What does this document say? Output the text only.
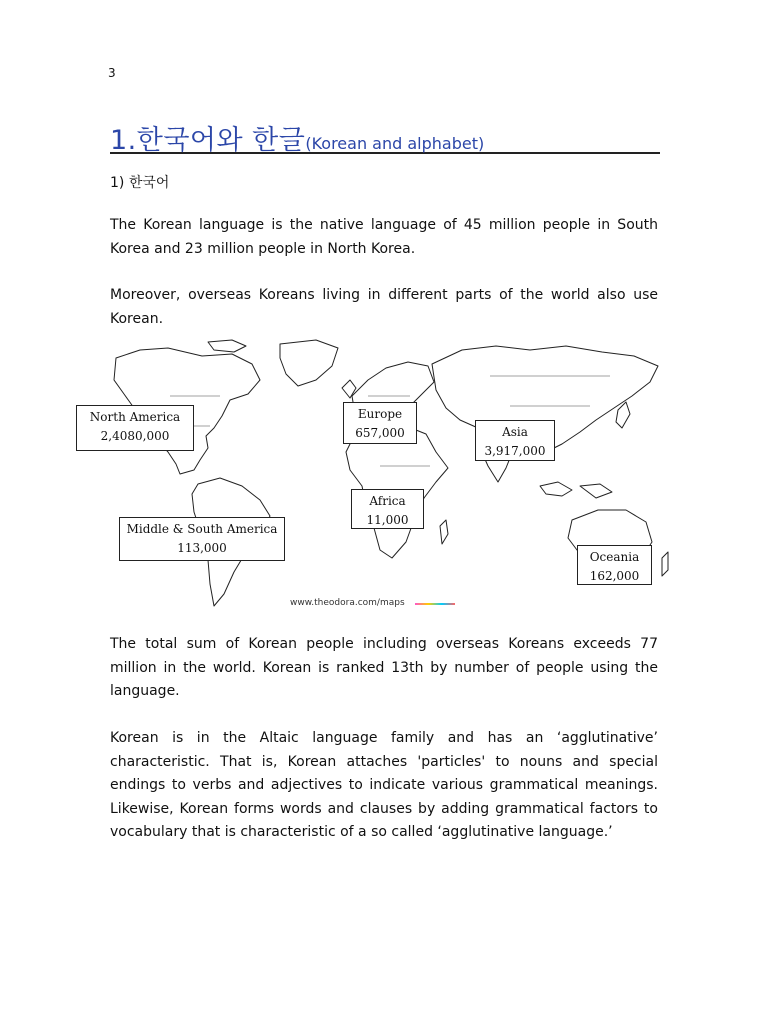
3
1.한국어와 한글(Korean and alphabet)
1) 한국어

The Korean language is the native language of 45 million people in South Korea and 23 million people in North Korea.

Moreover, overseas Koreans living in different parts of the world also use Korean.

www.theodora.com/maps
North America
2,4080,000
Europe
657,000	Asia
3,917,000
Africa
11,000
Middle & South America
113,000
Oceania
162,000

The total sum of Korean people including overseas Koreans exceeds 77 million in the world. Korean is ranked 13th by number of people using the language.

Korean is in the Altaic language family and has an ‘agglutinative’ characteristic. That is, Korean attaches 'particles' to nouns and special endings to verbs and adjectives to indicate various grammatical meanings. Likewise, Korean forms words and clauses by adding grammatical factors to vocabulary that is characteristic of a so called ‘agglutinative language.’
